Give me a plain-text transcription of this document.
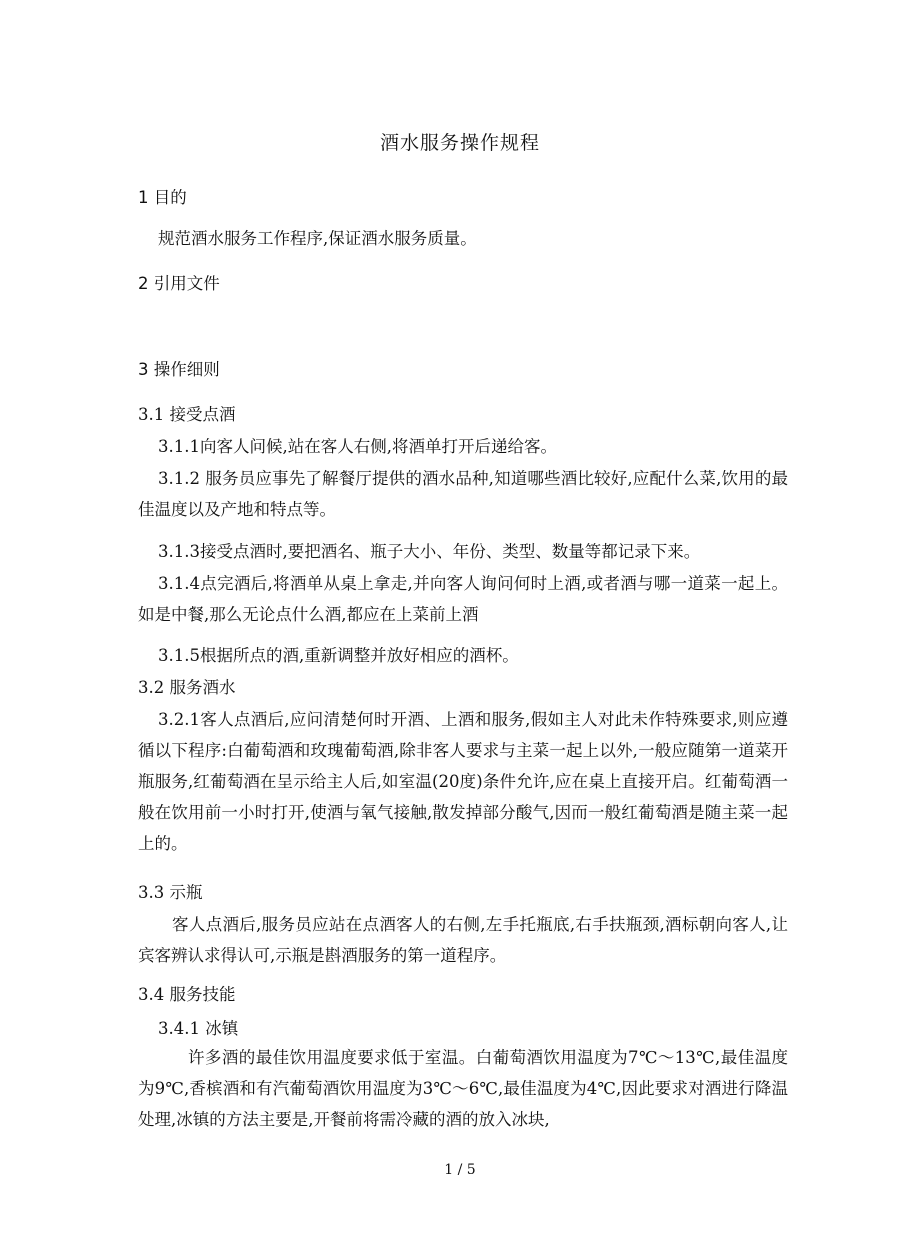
酒水服务操作规程
1 目的
规范酒水服务工作程序,保证酒水服务质量。
2 引用文件
3 操作细则
3.1 接受点酒
3.1.1向客人问候,站在客人右侧,将酒单打开后递给客。
3.1.2 服务员应事先了解餐厅提供的酒水品种,知道哪些酒比较好,应配什么菜,饮用的最佳温度以及产地和特点等。
3.1.3接受点酒时,要把酒名、瓶子大小、年份、类型、数量等都记录下来。
3.1.4点完酒后,将酒单从桌上拿走,并向客人询问何时上酒,或者酒与哪一道菜一起上。如是中餐,那么无论点什么酒,都应在上菜前上酒
3.1.5根据所点的酒,重新调整并放好相应的酒杯。
3.2 服务酒水
3.2.1客人点酒后,应问清楚何时开酒、上酒和服务,假如主人对此未作特殊要求,则应遵循以下程序:白葡萄酒和玫瑰葡萄酒,除非客人要求与主菜一起上以外,一般应随第一道菜开瓶服务,红葡萄酒在呈示给主人后,如室温(20度)条件允许,应在桌上直接开启。红葡萄酒一般在饮用前一小时打开,使酒与氧气接触,散发掉部分酸气,因而一般红葡萄酒是随主菜一起上的。
3.3 示瓶
客人点酒后,服务员应站在点酒客人的右侧,左手托瓶底,右手扶瓶颈,酒标朝向客人,让宾客辨认求得认可,示瓶是斟酒服务的第一道程序。
3.4 服务技能
3.4.1 冰镇
许多酒的最佳饮用温度要求低于室温。白葡萄酒饮用温度为7℃～13℃,最佳温度为9℃,香槟酒和有汽葡萄酒饮用温度为3℃～6℃,最佳温度为4℃,因此要求对酒进行降温处理,冰镇的方法主要是,开餐前将需冷藏的酒的放入冰块,
1 / 5
